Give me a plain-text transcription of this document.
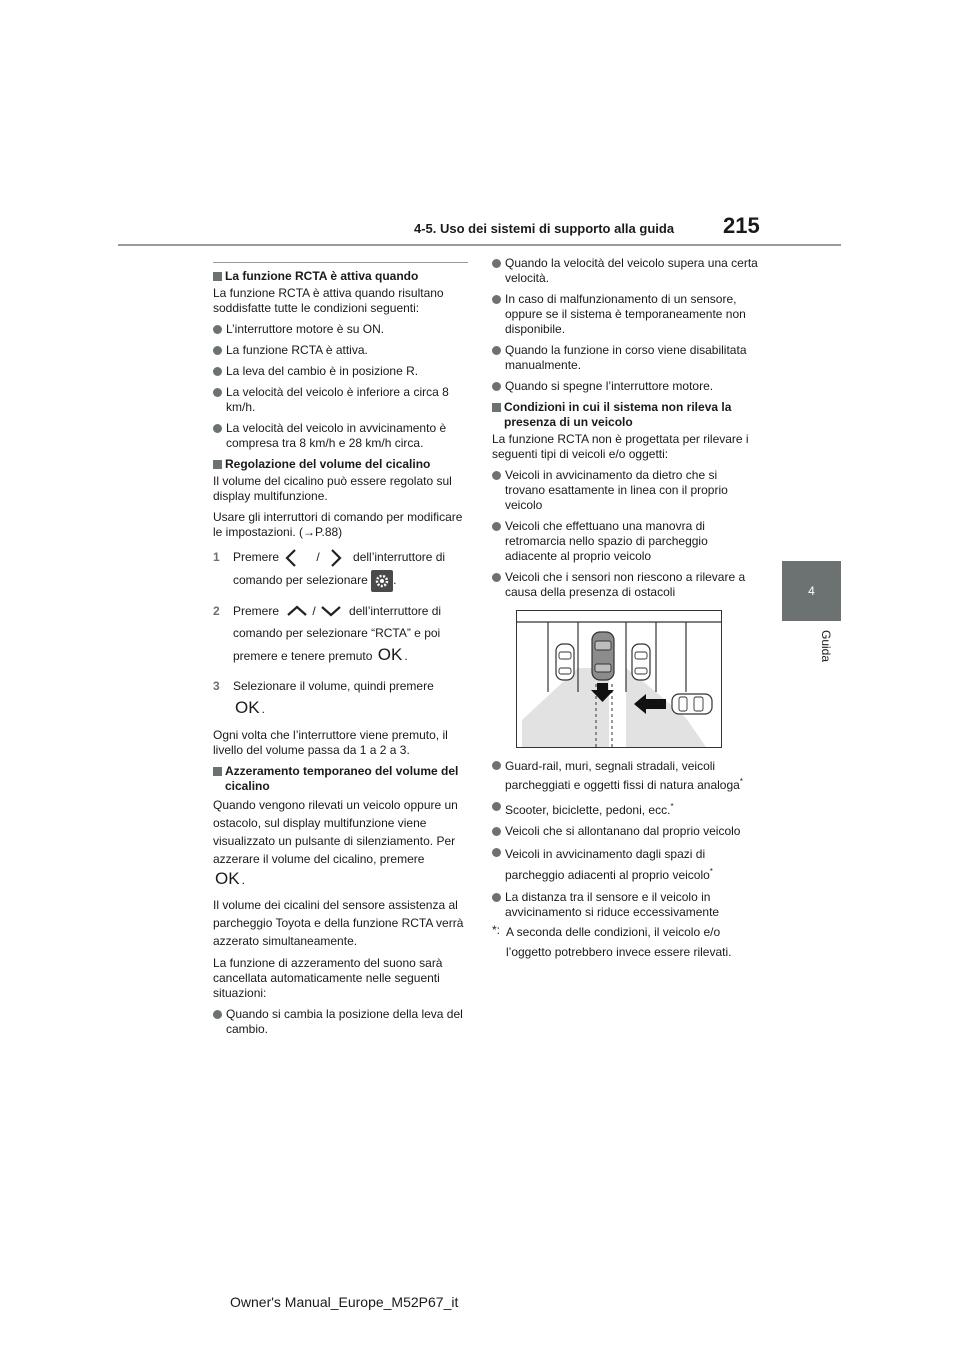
4-5. Uso dei sistemi di supporto alla guida 215
4
Guida
La funzione RCTA è attiva quando

La funzione RCTA è attiva quando risultano soddisfatte tutte le condizioni seguenti:

L’interruttore motore è su ON.
La funzione RCTA è attiva.
La leva del cambio è in posizione R.
La velocità del veicolo è inferiore a circa 8 km/h.
La velocità del veicolo in avvicinamento è compresa tra 8 km/h e 28 km/h circa.
Regolazione del volume del cicalino

Il volume del cicalino può essere regolato sul display multifunzione.

Usare gli interruttori di comando per modificare le impostazioni. (→P.88)

1 Premere	/	dell’interruttore di comando per selezionare .
2 Premere	/	dell’interruttore di comando per selezionare “RCTA” e poi premere e tenere premuto OK .
3 Selezionare il volume, quindi premere
OK .

Ogni volta che l’interruttore viene premuto, il livello del volume passa da 1 a 2 a 3.

Azzeramento temporaneo del volume del cicalino

Quando vengono rilevati un veicolo oppure un ostacolo, sul display multifunzione viene visualizzato un pulsante di silenziamento. Per azzerare il volume del cicalino, premere
OK .

Il volume dei cicalini del sensore assistenza al parcheggio Toyota e della funzione RCTA verrà azzerato simultaneamente.

La funzione di azzeramento del suono sarà cancellata automaticamente nelle seguenti situazioni:

Quando si cambia la posizione della leva del cambio.
Quando la velocità del veicolo supera una certa velocità.
In caso di malfunzionamento di un sensore, oppure se il sistema è temporaneamente non disponibile.
Quando la funzione in corso viene disabilitata manualmente.
Quando si spegne l’interruttore motore.
Condizioni in cui il sistema non rileva la presenza di un veicolo

La funzione RCTA non è progettata per rilevare i seguenti tipi di veicoli e/o oggetti:

Veicoli in avvicinamento da dietro che si trovano esattamente in linea con il proprio veicolo
Veicoli che effettuano una manovra di retromarcia nello spazio di parcheggio adiacente al proprio veicolo
Veicoli che i sensori non riescono a rilevare a causa della presenza di ostacoli
Guard-rail, muri, segnali stradali, veicoli parcheggiati e oggetti fissi di natura analoga*
Scooter, biciclette, pedoni, ecc.*
Veicoli che si allontanano dal proprio veicolo
Veicoli in avvicinamento dagli spazi di parcheggio adiacenti al proprio veicolo*
La distanza tra il sensore e il veicolo in avvicinamento si riduce eccessivamente
*: A seconda delle condizioni, il veicolo e/o l’oggetto potrebbero invece essere rilevati.
Owner's Manual_Europe_M52P67_it
